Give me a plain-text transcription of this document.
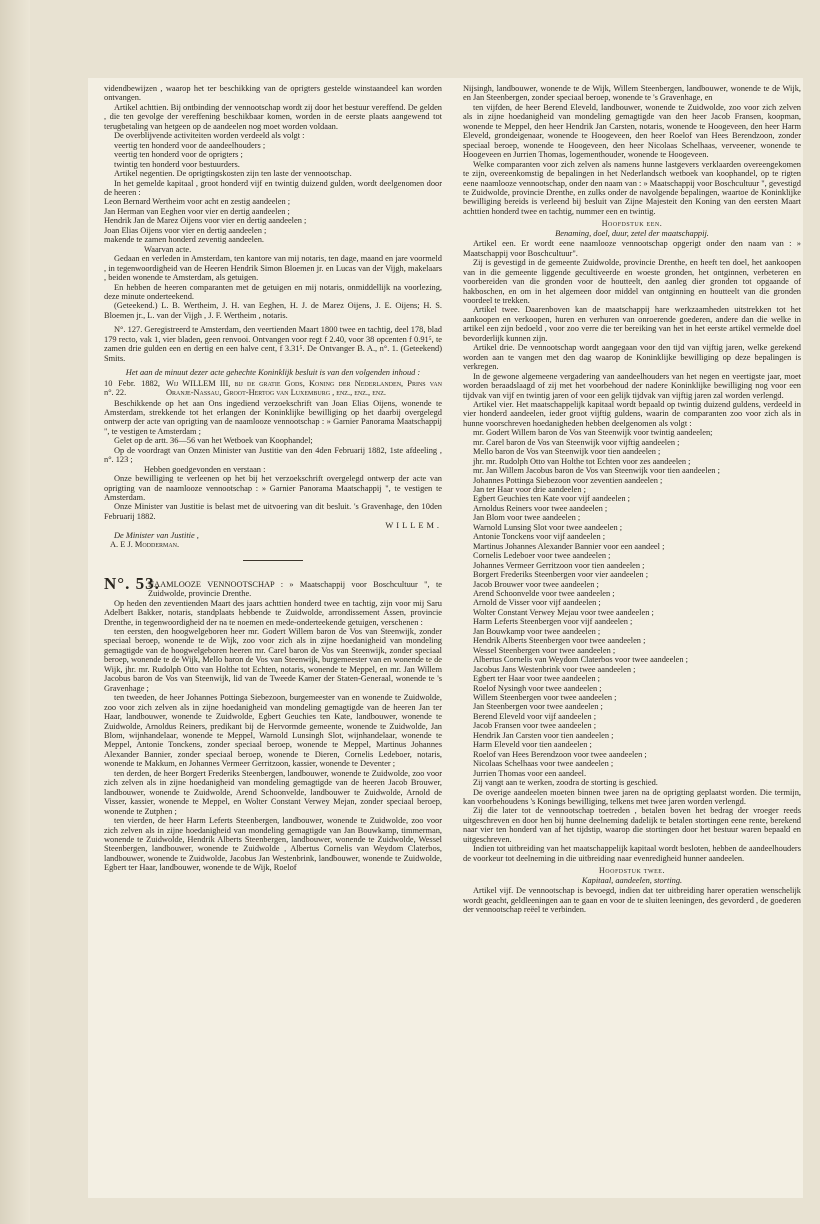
videndbewijzen , waarop het ter beschikking van de oprigters gestelde winstaandeel kan worden ontvangen.

Artikel achttien. Bij ontbinding der vennootschap wordt zij door het bestuur vereffend. De gelden , die ten gevolge der vereffening beschikbaar komen, worden in de eerste plaats aangewend tot terugbetaling van hetgeen op de aandeelen nog moet worden voldaan.

De overblijvende activiteiten worden verdeeld als volgt :

veertig ten honderd voor de aandeelhouders ;

veertig ten honderd voor de oprigters ;

twintig ten honderd voor bestuurders.

Artikel negentien. De oprigtingskosten zijn ten laste der vennootschap.

In het gemelde kapitaal , groot honderd vijf en twintig duizend gulden, wordt deelgenomen door de heeren :

Leon Bernard Wertheim voor acht en zestig aandeelen ;

Jan Herman van Eeghen voor vier en dertig aandeelen ;

Hendrik Jan de Marez Oijens voor vier en dertig aandeelen ;

Joan Elias Oijens voor vier en dertig aandeelen ;

makende te zamen honderd zeventig aandeelen.

Waarvan acte.

Gedaan en verleden in Amsterdam, ten kantore van mij notaris, ten dage, maand en jare voormeld , in tegenwoordigheid van de Heeren Hendrik Simon Bloemen jr. en Lucas van der Vijgh, makelaars , beiden wonende te Amsterdam, als getuigen.

En hebben de heeren comparanten met de getuigen en mij notaris, onmiddellijk na voorlezing, deze minute onderteekend.

(Geteekend.) L. B. Wertheim, J. H. van Eeghen, H. J. de Marez Oijens, J. E. Oijens; H. S. Bloemen jr., L. van der Vijgh , J. F. Wertheim , notaris.

N°. 127. Geregistreerd te Amsterdam, den veertienden Maart 1800 twee en tachtig, deel 178, blad 179 recto, vak 1, vier bladen, geen renvooi. Ontvangen voor regt f 2.40, voor 38 opcenten f 0.91⁵, te zamen drie gulden een en dertig en een halve cent, f 3.31⁵. De Ontvanger B. A., n°. 1. (Geteekend) Smits.

Het aan de minuut dezer acte gehechte Koninklijk besluit is van den volgenden inhoud :

10 Febr. 1882, n°. 22.

Wij WILLEM III, bij de gratie Gods, Koning der Nederlanden, Prins van Oranje-Nassau, Groot-Hertog van Luxemburg , enz., enz., enz.

Beschikkende op het aan Ons ingediend verzoekschrift van Joan Elias Oijens, wonende te Amsterdam, strekkende tot het erlangen der Koninklijke bewilliging op het daarbij overgelegd ontwerp der acte van oprigting van de naamlooze vennootschap : » Garnier Panorama Maatschappij ", te vestigen te Amsterdam ;

Gelet op de artt. 36—56 van het Wetboek van Koophandel;

Op de voordragt van Onzen Minister van Justitie van den 4den Februarij 1882, 1ste afdeeling , n°. 123 ;

Hebben goedgevonden en verstaan :

Onze bewilliging te verleenen op het bij het verzoekschrift overgelegd ontwerp der acte van oprigting van de naamlooze vennootschap : » Garnier Panorama Maatschappij ", te vestigen te Amsterdam.

Onze Minister van Justitie is belast met de uitvoering van dit besluit. 's Gravenhage, den 10den Februarij 1882.

WILLEM.

De Minister van Justitie ,

A. E J. Modderman.

N°. 53.

NAAMLOOZE VENNOOTSCHAP : » Maatschappij voor Boschcultuur ", te Zuidwolde, provincie Drenthe.

Op heden den zeventienden Maart des jaars achttien honderd twee en tachtig, zijn voor mij Saru Adelbert Bakker, notaris, standplaats hebbende te Zuidwolde, arrondissement Assen, provincie Drenthe, in tegenwoordigheid der na te noemen en mede-onderteekende getuigen, verschenen :

ten eersten, den hoogwelgeboren heer mr. Godert Willem baron de Vos van Steenwijk, zonder speciaal beroep, wonende te de Wijk, zoo voor zich als in zijne hoedanigheid van mondeling gemagtigde van de hoogwelgeboren heeren mr. Carel baron de Vos van Steenwijk, zonder speciaal beroep, wonende te de Wijk, Mello baron de Vos van Steenwijk, burgemeester van en wonende te de Wijk, jhr. mr. Rudolph Otto van Holthe tot Echten, notaris, wonende te Meppel, en mr. Jan Willem Jacobus baron de Vos van Steenwijk, lid van de Tweede Kamer der Staten-Generaal, wonende te 's Gravenhage ;

ten tweeden, de heer Johannes Pottinga Siebezoon, burgemeester van en wonende te Zuidwolde, zoo voor zich zelven als in zijne hoedanigheid van mondeling gemagtigde van de heeren Jan ter Haar, landbouwer, wonende te Zuidwolde, Egbert Geuchies ten Kate, landbouwer, wonende te Zuidwolde, Arnoldus Reiners, predikant bij de Hervormde gemeente, wonende te Zuidwolde, Jan Blom, wijnhandelaar, wonende te Meppel, Warnold Lunsingh Slot, wijnhandelaar, wonende te Meppel, Antonie Tonckens, zonder speciaal beroep, wonende te Meppel, Martinus Johannes Alexander Bannier, zonder speciaal beroep, wonende te Dieren, Cornelis Ledeboer, notaris, wonende te Makkum, en Johannes Vermeer Gerritzoon, kassier, wonende te Deventer ;

ten derden, de heer Borgert Frederiks Steenbergen, landbouwer, wonende te Zuidwolde, zoo voor zich zelven als in zijne hoedanigheid van mondeling gemagtigde van de heeren Jacob Brouwer, landbouwer, wonende te Zuidwolde, Arend Schoonvelde, landbouwer te Zuidwolde, Arnold de Visser, kassier, wonende te Meppel, en Wolter Constant Verwey Mejan, zonder speciaal beroep, wonende te Zutphen ;

ten vierden, de heer Harm Leferts Steenbergen, landbouwer, wonende te Zuidwolde, zoo voor zich zelven als in zijne hoedanigheid van mondeling gemagtigde van Jan Bouwkamp, timmerman, wonende te Zuidwolde, Hendrik Alberts Steenbergen, landbouwer, wonende te Zuidwolde, Wessel Steenbergen, landbouwer, wonende te Zuidwolde , Albertus Cornelis van Weydom Claterbos, landbouwer, wonende te Zuidwolde, Jacobus Jan Westenbrink, landbouwer, wonende te Zuidwolde, Egbert ter Haar, landbouwer, wonende te de Wijk, Roelof

Nijsingh, landbouwer, wonende te de Wijk, Willem Steenbergen, landbouwer, wonende te de Wijk, en Jan Steenbergen, zonder speciaal beroep, wonende te 's Gravenhage, en

ten vijfden, de heer Berend Eleveld, landbouwer, wonende te Zuidwolde, zoo voor zich zelven als in zijne hoedanigheid van mondeling gemagtigde van den heer Jacob Fransen, koopman, wonende te Meppel, den heer Hendrik Jan Carsten, notaris, wonende te Hoogeveen, den heer Harm Eleveld, grondeigenaar, wonende te Hoogeveen, den heer Roelof van Hees Berendzoon, zonder speciaal beroep, wonende te Hoogeveen, den heer Nicolaas Schelhaas, verveener, wonende te Hoogeveen en Jurrien Thomas, logementhouder, wonende te Hoogeveen.

Welke comparanten voor zich zelven als namens hunne lastgevers verklaarden overeengekomen te zijn, overeenkomstig de bepalingen in het Nederlandsch wetboek van koophandel, op te rigten eene naamlooze vennootschap, onder den naam van : » Maatschappij voor Boschcultuur ", gevestigd te Zuidwolde, provincie Drenthe, en zulks onder de navolgende bepalingen, waartoe de Koninklijke bewilliging bereids is verleend bij besluit van Zijne Majesteit den Koning van den eersten Maart achttien honderd twee en tachtig, nummer een en twintig.

Hoofdstuk een.

Benaming, doel, duur, zetel der maatschappij.

Artikel een. Er wordt eene naamlooze vennootschap opgerigt onder den naam van : » Maatschappij voor Boschcultuur".

Zij is gevestigd in de gemeente Zuidwolde, provincie Drenthe, en heeft ten doel, het aankoopen van in die gemeente liggende gecultiveerde en woeste gronden, het ontginnen, verbeteren en voorbereiden van die gronden voor de houtteelt, den aanleg dier gronden tot opgaande of hakboschen, en om in het algemeen door middel van ontginning en houtteelt van die gronden voordeel te trekken.

Artikel twee. Daarenboven kan de maatschappij hare werkzaamheden uitstrekken tot het aankoopen en verkoopen, huren en verhuren van onroerende goederen, andere dan die welke in artikel een zijn bedoeld , voor zoo verre die ter bereiking van het in het eerste artikel vermelde doel bevorderlijk kunnen zijn.

Artikel drie. De vennootschap wordt aangegaan voor den tijd van vijftig jaren, welke gerekend worden aan te vangen met den dag waarop de Koninklijke bewilliging op deze bepalingen is verkregen.

In de gewone algemeene vergadering van aandeelhouders van het negen en veertigste jaar, moet worden beraadslaagd of zij met het voorbehoud der nadere Koninklijke bewilliging nog voor een tijdvak van vijf en twintig jaren of voor een gelijk tijdvak van vijftig jaren zal worden verlengd.

Artikel vier. Het maatschappelijk kapitaal wordt bepaald op twintig duizend guldens, verdeeld in vier honderd aandeelen, ieder groot vijftig guldens, waarin de comparanten zoo voor zich als in hunne voorschreven hoedanigheden hebben deelgenomen als volgt :

mr. Godert Willem baron de Vos van Steenwijk voor twintig aandeelen;

mr. Carel baron de Vos van Steenwijk voor vijftig aandeelen ;

Mello baron de Vos van Steenwijk voor tien aandeelen ;

jhr. mr. Rudolph Otto van Holthe tot Echten voor zes aandeelen ;

mr. Jan Willem Jacobus baron de Vos van Steenwijk voor tien aandeelen ;

Johannes Pottinga Siebezoon voor zeventien aandeelen ;

Jan ter Haar voor drie aandeelen ;

Egbert Geuchies ten Kate voor vijf aandeelen ;

Arnoldus Reiners voor twee aandeelen ;

Jan Blom voor twee aandeelen ;

Warnold Lunsing Slot voor twee aandeelen ;

Antonie Tonckens voor vijf aandeelen ;

Martinus Johannes Alexander Bannier voor een aandeel ;

Cornelis Ledeboer voor twee aandeelen ;

Johannes Vermeer Gerritzoon voor tien aandeelen ;

Borgert Frederiks Steenbergen voor vier aandeelen ;

Jacob Brouwer voor twee aandeelen ;

Arend Schoonvelde voor twee aandeelen ;

Arnold de Visser voor vijf aandeelen ;

Wolter Constant Verwey Mejau voor twee aandeelen ;

Harm Leferts Steenbergen voor vijf aandeelen ;

Jan Bouwkamp voor twee aandeelen ;

Hendrik Alberts Steenbergen voor twee aandeelen ;

Wessel Steenbergen voor twee aandeelen ;

Albertus Cornelis van Weydom Claterbos voor twee aandeelen ;

Jacobus Jans Westenbrink voor twee aandeelen ;

Egbert ter Haar voor twee aandeelen ;

Roelof Nysingh voor twee aandeelen ;

Willem Steenbergen voor twee aandeelen ;

Jan Steenbergen voor twee aandeelen ;

Berend Eleveld voor vijf aandeelen ;

Jacob Fransen voor twee aandeelen ;

Hendrik Jan Carsten voor tien aandeelen ;

Harm Eleveld voor tien aandeelen ;

Roelof van Hees Berendzoon voor twee aandeelen ;

Nicolaas Schelhaas voor twee aandeelen ;

Jurrien Thomas voor een aandeel.

Zij vangt aan te werken, zoodra de storting is geschied.

De overige aandeelen moeten binnen twee jaren na de oprigting geplaatst worden. Die termijn, kan voorbehoudens 's Konings bewilliging, telkens met twee jaren worden verlengd.

Zij die later tot de vennootschap toetreden , betalen boven het bedrag der vroeger reeds uitgeschreven en door hen bij hunne deelneming dadelijk te betalen stortingen eene rente, berekend naar vier ten honderd van af het tijdstip, waarop die stortingen door het bestuur waren bepaald en uitgeschreven.

Indien tot uitbreiding van het maatschappelijk kapitaal wordt besloten, hebben de aandeelhouders de voorkeur tot deelneming in die uitbreiding naar evenredigheid hunner aandeelen.

Hoofdstuk twee.

Kapitaal, aandeelen, storting.

Artikel vijf. De vennootschap is bevoegd, indien dat ter uitbreiding harer operatien wenschelijk wordt geacht, geldleeningen aan te gaan en voor de te sluiten leeningen, des gevorderd , de goederen der vennootschap reëel te verbinden.
